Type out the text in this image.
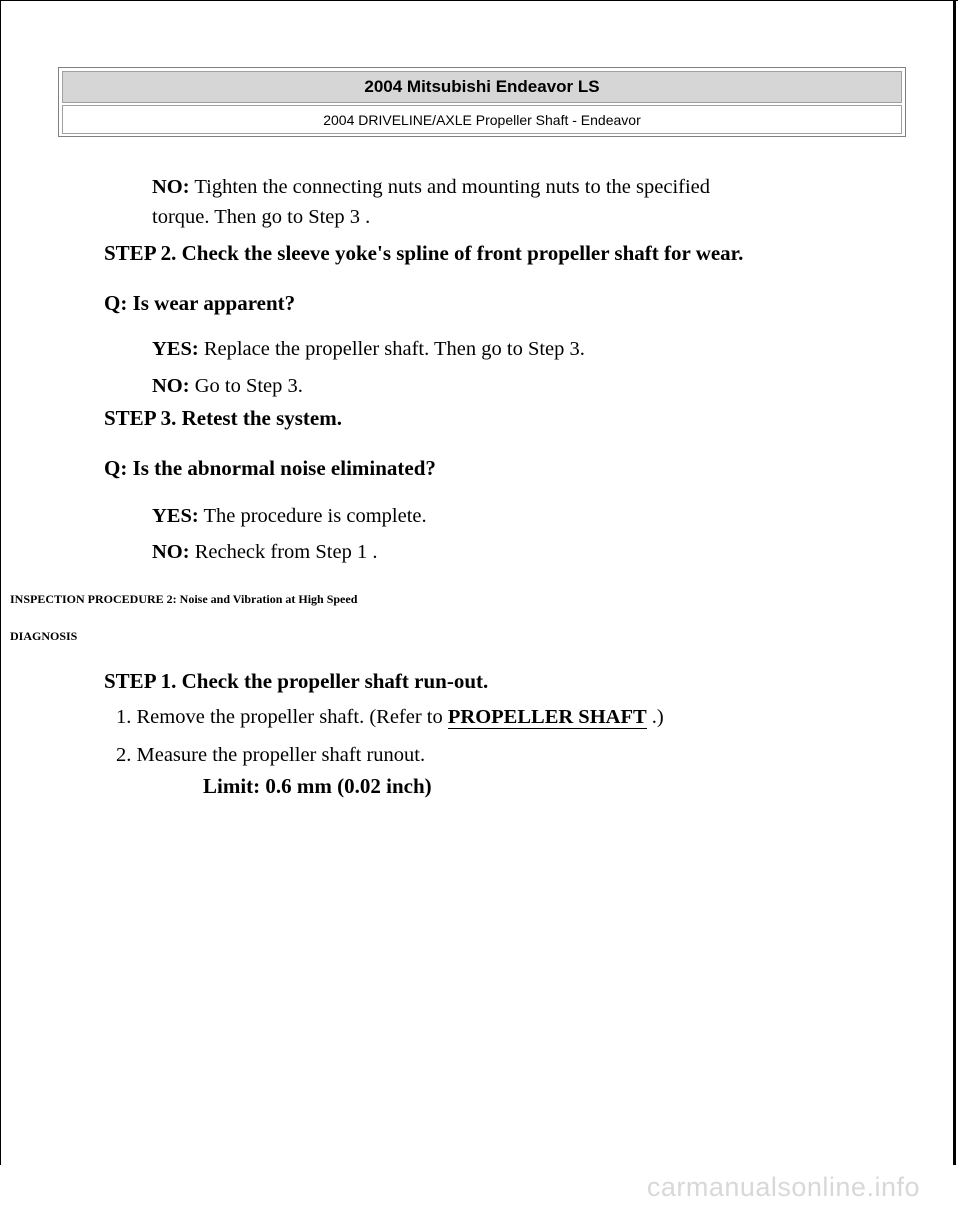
2004 Mitsubishi Endeavor LS
2004 DRIVELINE/AXLE Propeller Shaft - Endeavor
NO: Tighten the connecting nuts and mounting nuts to the specified
torque. Then go to Step 3 .
STEP 2. Check the sleeve yoke's spline of front propeller shaft for wear.
Q: Is wear apparent?
YES: Replace the propeller shaft. Then go to Step 3.
NO: Go to Step 3.
STEP 3. Retest the system.
Q: Is the abnormal noise eliminated?
YES: The procedure is complete.
NO: Recheck from Step 1 .
INSPECTION PROCEDURE 2: Noise and Vibration at High Speed
DIAGNOSIS
STEP 1. Check the propeller shaft run-out.
1. Remove the propeller shaft. (Refer to PROPELLER SHAFT .)
2. Measure the propeller shaft runout.
Limit: 0.6 mm (0.02 inch)
carmanualsonline.info
